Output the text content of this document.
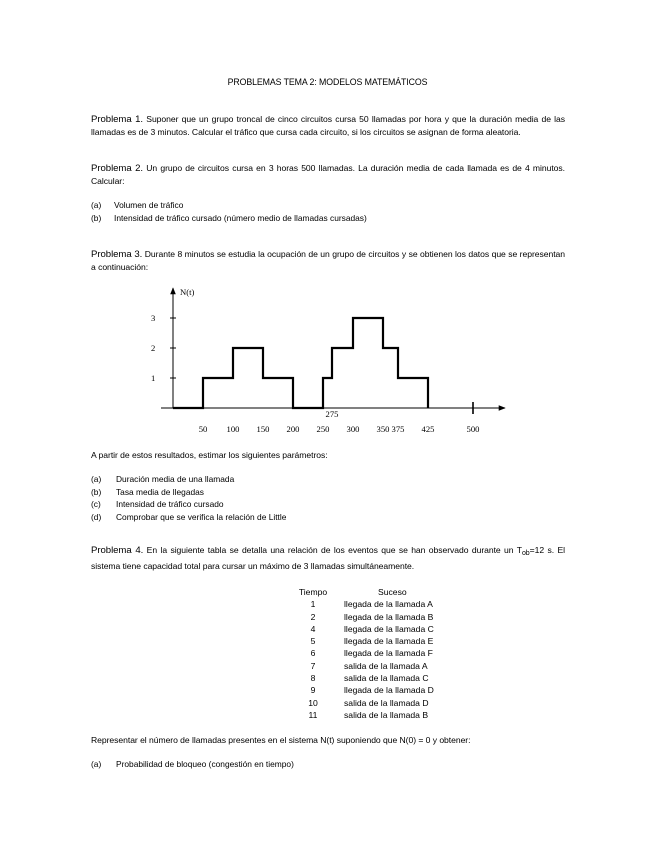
PROBLEMAS TEMA 2: MODELOS MATEMÁTICOS
Problema 1. Suponer que un grupo troncal de cinco circuitos cursa 50 llamadas por hora y que la duración media de las llamadas es de 3 minutos. Calcular el tráfico que cursa cada circuito, si los circuitos se asignan de forma aleatoria.
Problema 2. Un grupo de circuitos cursa en 3 horas 500 llamadas. La duración media de cada llamada es de 4 minutos. Calcular:
(a) Volumen de tráfico
(b) Intensidad de tráfico cursado (número medio de llamadas cursadas)
Problema 3. Durante 8 minutos se estudia la ocupación de un grupo de circuitos y se obtienen los datos que se representan a continuación:
1
2
3
N(t)
50 100 150 200 250
275
300 350 375 425	500
A partir de estos resultados, estimar los siguientes parámetros:
(a) Duración media de una llamada
(b) Tasa media de llegadas
(c) Intensidad de tráfico cursado
(d) Comprobar que se verifica la relación de Little
Problema 4. En la siguiente tabla se detalla una relación de los eventos que se han observado durante un $T_{ob}=12$ s. El sistema tiene capacidad total para cursar un máximo de 3 llamadas simultáneamente.
Tiempo	Suceso
1	llegada de la llamada A
2	llegada de la llamada B
4	llegada de la llamada C
5	llegada de la llamada E
6	llegada de la llamada F
7	salida de la llamada A
8	salida de la llamada C
9	llegada de la llamada D
10	salida de la llamada D
11	salida de la llamada B
Representar el número de llamadas presentes en el sistema N(t) suponiendo que N(0) = 0 y obtener:
(a) Probabilidad de bloqueo (congestión en tiempo)
